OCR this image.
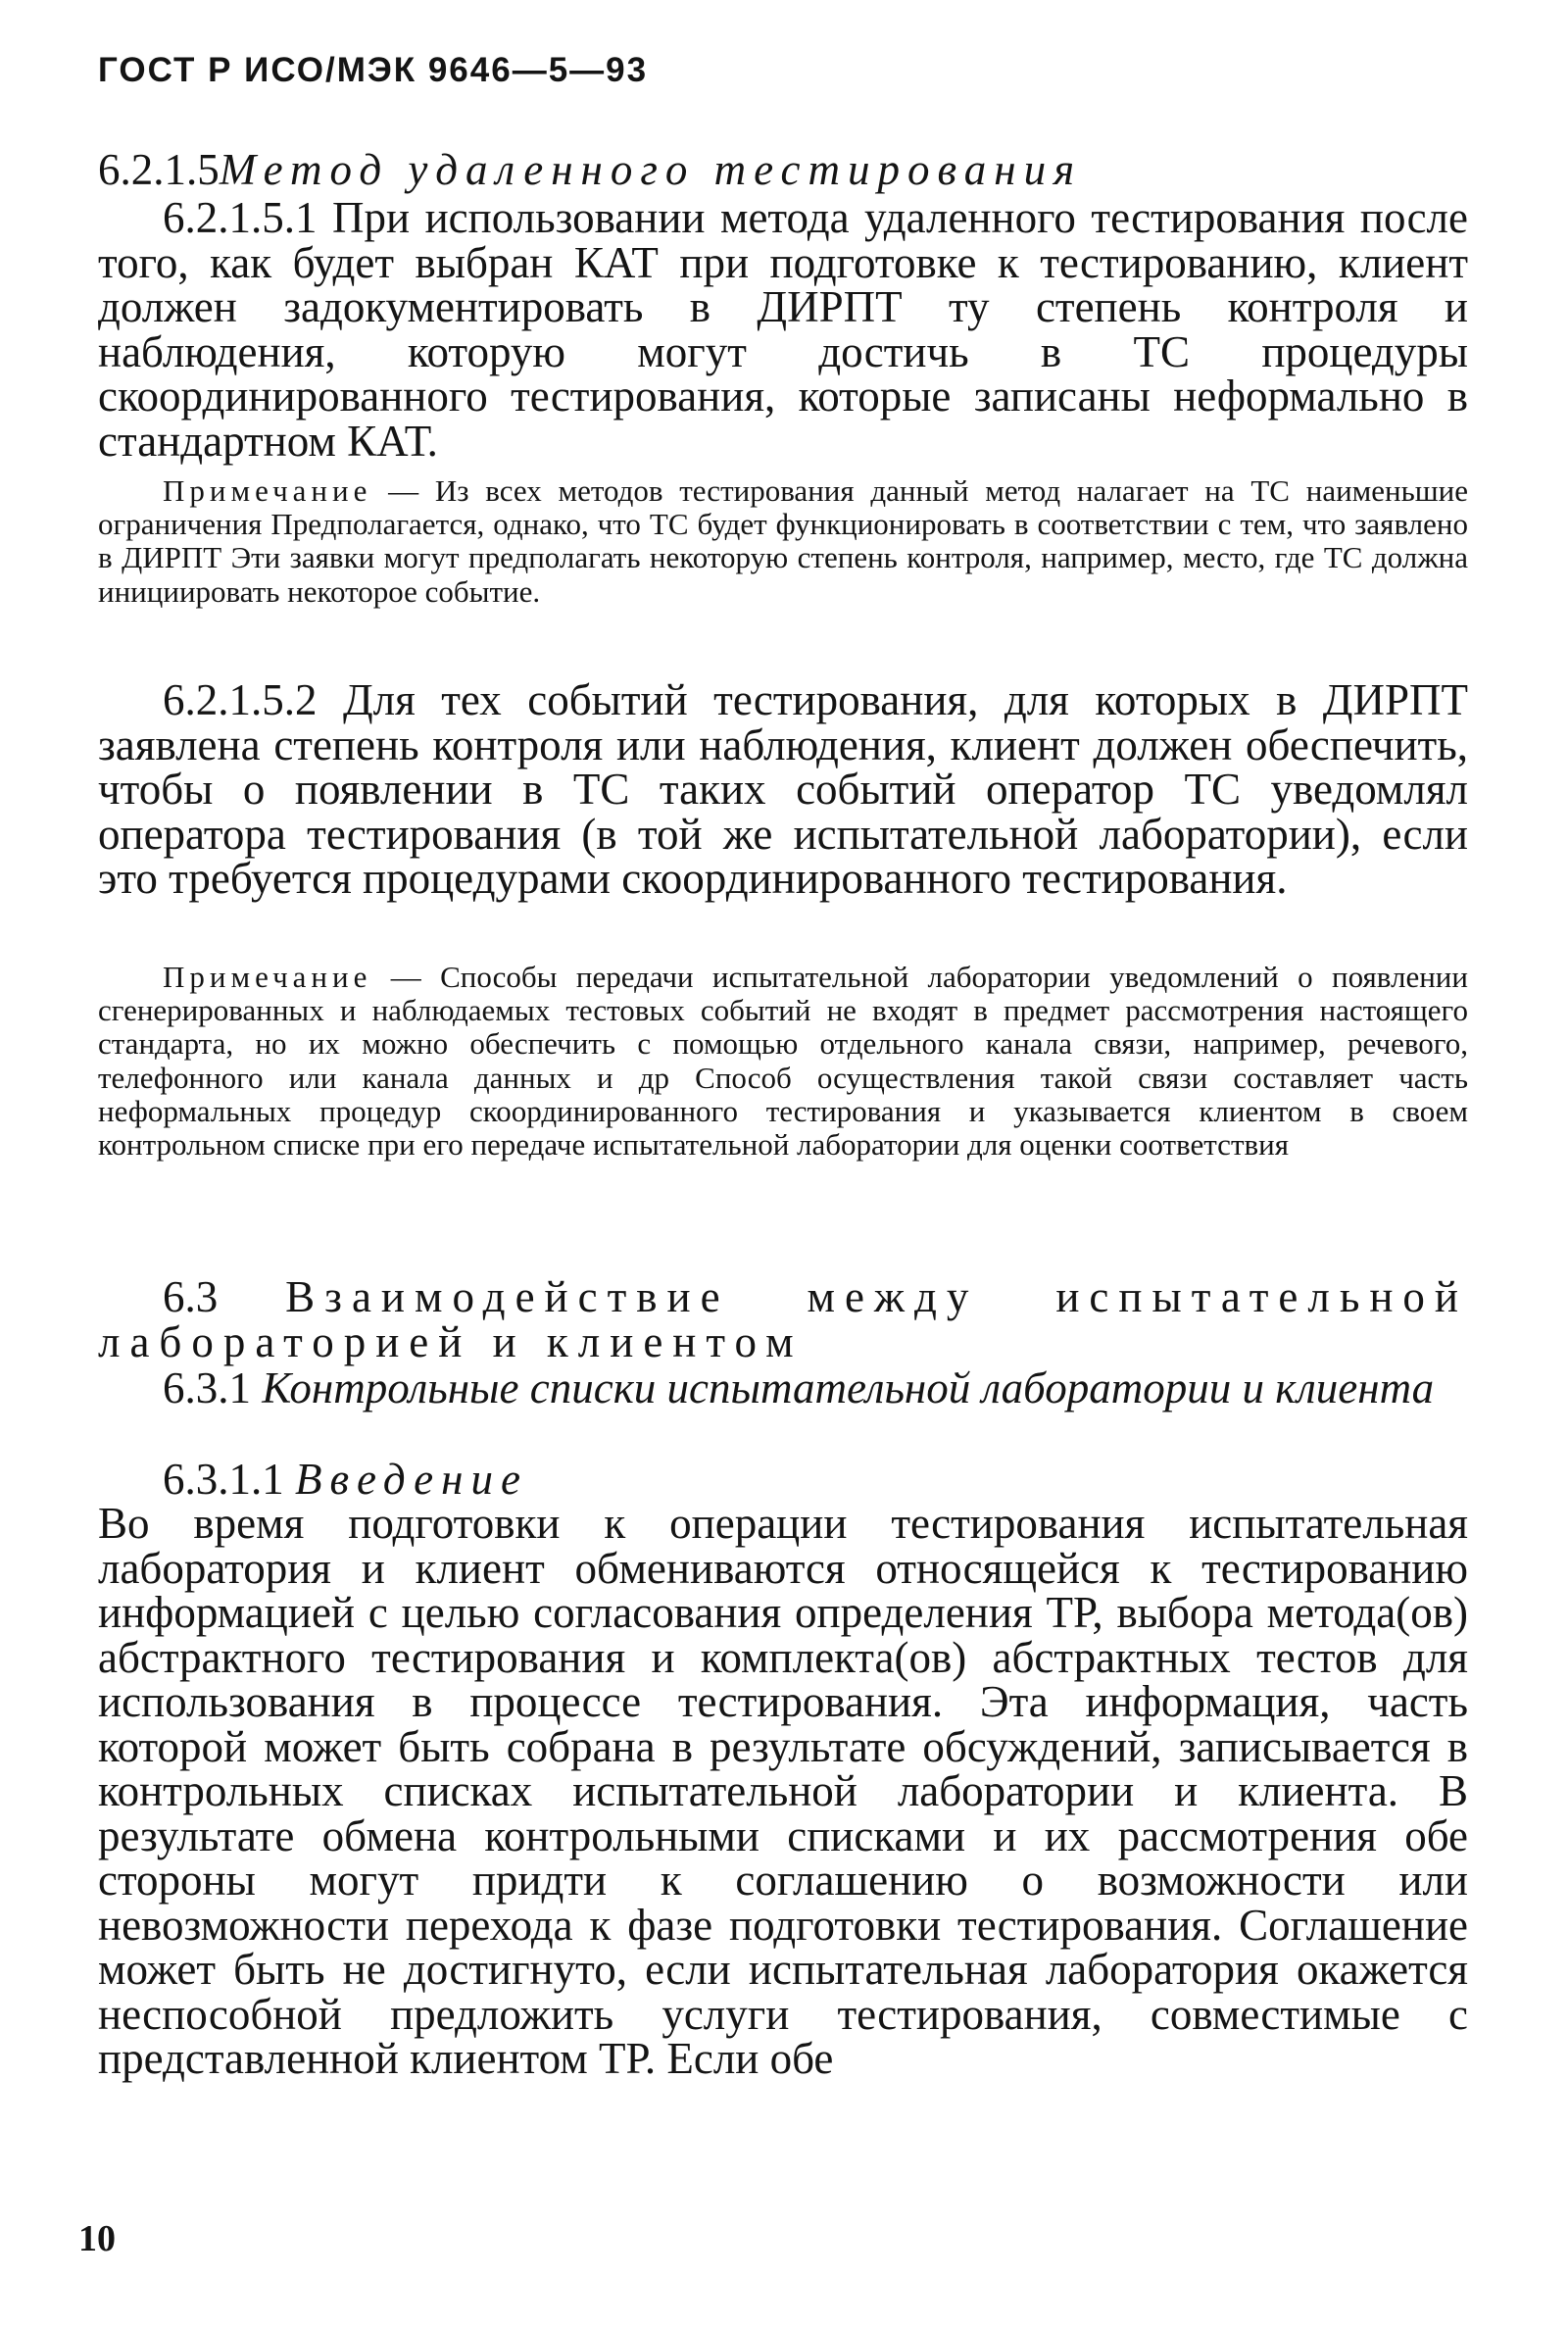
ГОСТ Р ИСО/МЭК 9646—5—93
6.2.1.5Метод удаленного тестирования

6.2.1.5.1 При использовании метода удаленного тестирования после того, как будет выбран КАТ при подготовке к тестированию, клиент должен задокументировать в ДИРПТ ту степень контроля и наблюдения, которую могут достичь в ТС процедуры скоординированного тестирования, которые записаны неформально в стандартном КАТ.

Примечание — Из всех методов тестирования данный метод налагает на ТС наименьшие ограничения Предполагается, однако, что ТС будет функционировать в соответствии с тем, что заявлено в ДИРПТ Эти заявки могут предполагать некоторую степень контроля, например, место, где ТС должна инициировать некоторое событие.

6.2.1.5.2 Для тех событий тестирования, для которых в ДИРПТ заявлена степень контроля или наблюдения, клиент должен обеспечить, чтобы о появлении в ТС таких событий оператор ТС уведомлял оператора тестирования (в той же испытательной лаборатории), если это требуется процедурами скоординированного тестирования.

Примечание — Способы передачи испытательной лаборатории уведомлений о появлении сгенерированных и наблюдаемых тестовых событий не входят в предмет рассмотрения настоящего стандарта, но их можно обеспечить с помощью отдельного канала связи, например, речевого, телефонного или канала данных и др Способ осуществления такой связи составляет часть неформальных процедур скоординированного тестирования и указывается клиентом в своем контрольном списке при его передаче испытательной лаборатории для оценки соответствия

6.3 Взаимодействие между испытательной лабораторией и клиентом
6.3.1 Контрольные списки испытательной лаборатории и клиента
6.3.1.1 Введение

Во время подготовки к операции тестирования испытательная лаборатория и клиент обмениваются относящейся к тестированию информацией с целью согласования определения ТР, выбора метода(ов) абстрактного тестирования и комплекта(ов) абстрактных тестов для использования в процессе тестирования. Эта информация, часть которой может быть собрана в результате обсуждений, записывается в контрольных списках испытательной лаборатории и клиента. В результате обмена контрольными списками и их рассмотрения обе стороны могут придти к соглашению о возможности или невозможности перехода к фазе подготовки тестирования. Соглашение может быть не достигнуто, если испытательная лаборатория окажется неспособной предложить услуги тестирования, совместимые с представленной клиентом ТР. Если обе

10
